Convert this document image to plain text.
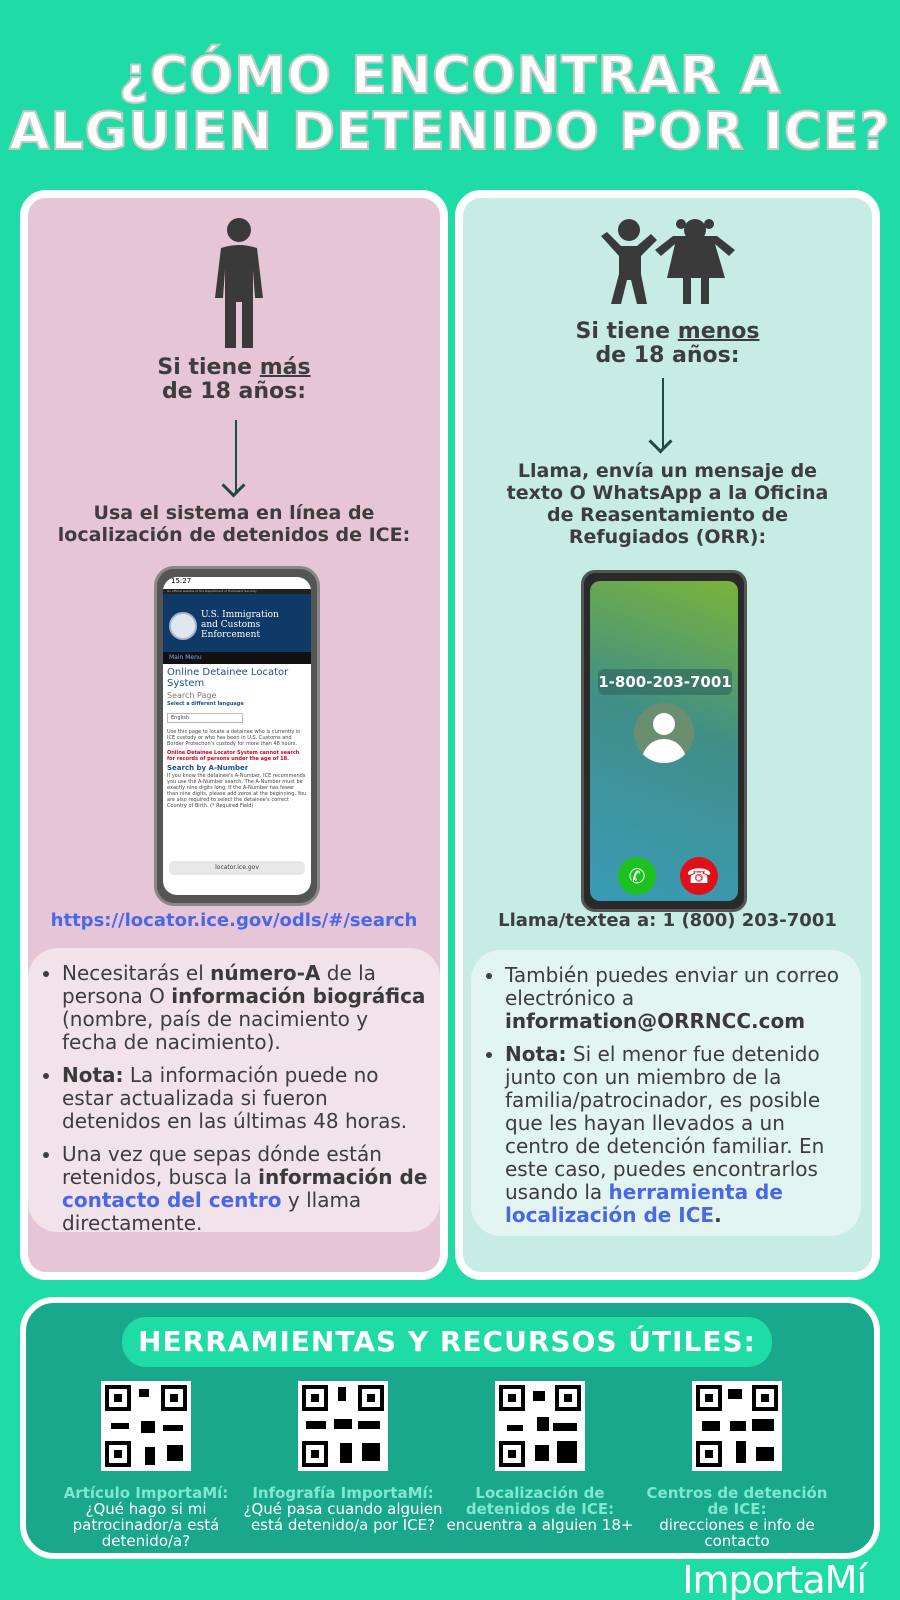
¿CÓMO ENCONTRAR A
ALGUIEN DETENIDO POR ICE?
Si tiene más
de 18 años:
Usa el sistema en línea de
localización de detenidos de ICE:
15:27
An official website of the Department of Homeland Security
U.S. Immigration
and Customs
Enforcement
Main Menu
Online Detainee Locator System
Search Page
Select a different language
English
Use this page to locate a detainee who is currently in ICE custody or who has been in U.S. Customs and Border Protection's custody for more than 48 hours.
Online Detainee Locator System cannot search for records of persons under the age of 18.
Search by A-Number
If you know the detainee's A-Number, ICE recommends you use the A-Number search. The A-Number must be exactly nine digits long. If the A-Number has fewer than nine digits, please add zeros at the beginning. You are also required to select the detainee's correct Country of Birth. (* Required Field)
locator.ice.gov
https://locator.ice.gov/odls/#/search
• Necesitarás el número-A de la persona O información biográfica (nombre, país de nacimiento y fecha de nacimiento).
• Nota: La información puede no estar actualizada si fueron detenidos en las últimas 48 horas.
• Una vez que sepas dónde están retenidos, busca la información de contacto del centro y llama directamente.
Si tiene menos
de 18 años:
Llama, envía un mensaje de
texto O WhatsApp a la Oficina
de Reasentamiento de
Refugiados (ORR):
1-800-203-7001
✆	☎
Llama/textea a: 1 (800) 203-7001
• También puedes enviar un correo electrónico a information@ORRNCC.com
• Nota: Si el menor fue detenido junto con un miembro de la familia/patrocinador, es posible que les hayan llevados a un centro de detención familiar. En este caso, puedes encontrarlos usando la herramienta de localización de ICE.
HERRAMIENTAS Y RECURSOS ÚTILES:
Artículo ImportaMí:
¿Qué hago si mi patrocinador/a está detenido/a?
Infografía ImportaMí:
¿Qué pasa cuando alguien está detenido/a por ICE?
Localización de detenidos de ICE:
encuentra a alguien 18+
Centros de detención de ICE:
direcciones e info de contacto
ImportaMí
